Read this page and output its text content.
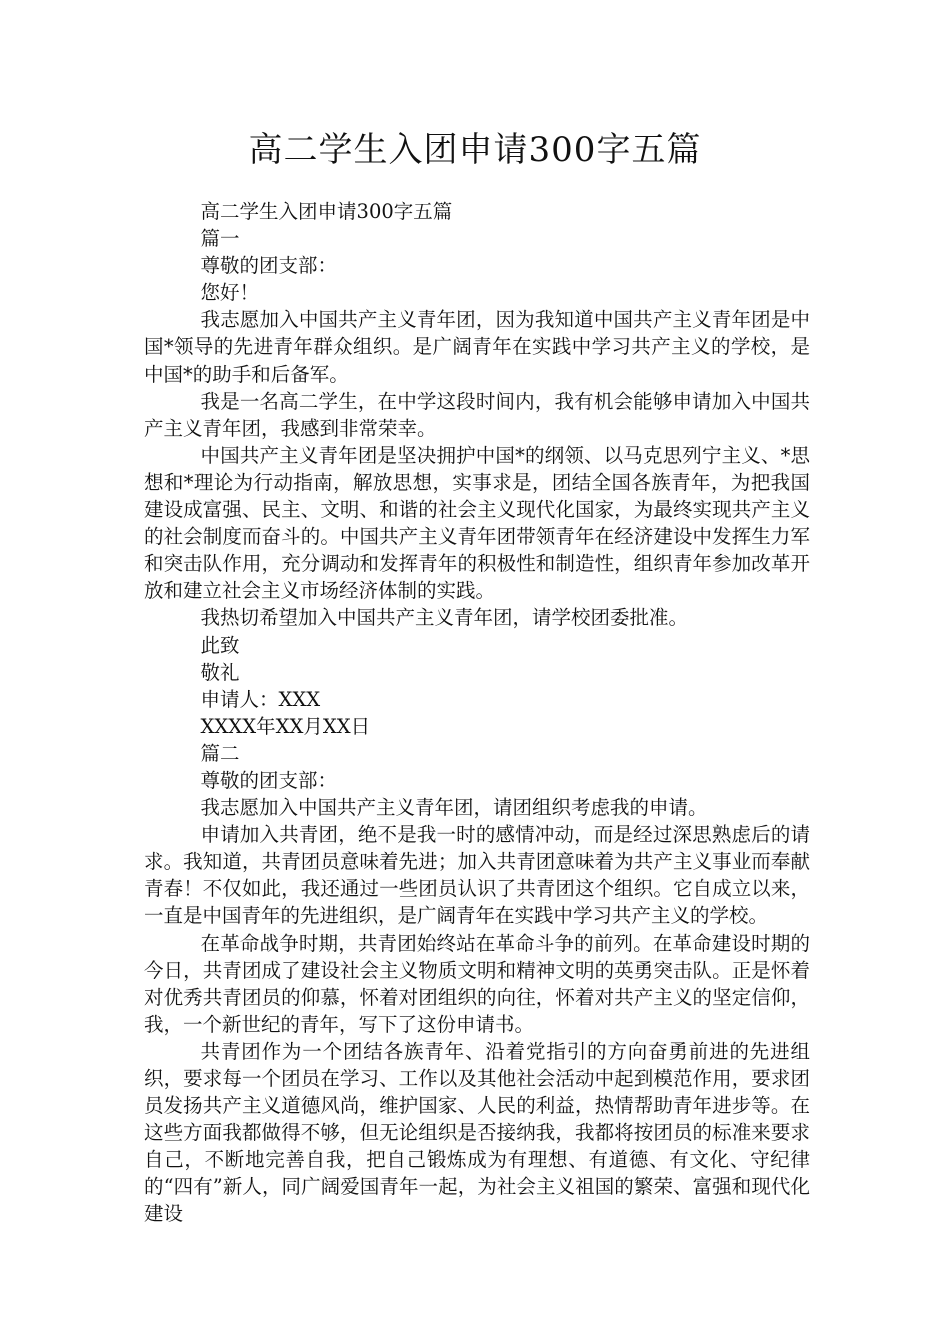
高二学生入团申请300字五篇

高二学生入团申请300字五篇

篇一

尊敬的团支部：

您好！

我志愿加入中国共产主义青年团，因为我知道中国共产主义青年团是中国*领导的先进青年群众组织。是广阔青年在实践中学习共产主义的学校，是中国*的助手和后备军。

我是一名高二学生，在中学这段时间内，我有机会能够申请加入中国共产主义青年团，我感到非常荣幸。

中国共产主义青年团是坚决拥护中国*的纲领、以马克思列宁主义、*思想和*理论为行动指南，解放思想，实事求是，团结全国各族青年，为把我国建设成富强、民主、文明、和谐的社会主义现代化国家，为最终实现共产主义的社会制度而奋斗的。中国共产主义青年团带领青年在经济建设中发挥生力军和突击队作用，充分调动和发挥青年的积极性和制造性，组织青年参加改革开放和建立社会主义市场经济体制的实践。

我热切希望加入中国共产主义青年团，请学校团委批准。

此致

敬礼

申请人：XXX

XXXX年XX月XX日

篇二

尊敬的团支部：

我志愿加入中国共产主义青年团，请团组织考虑我的申请。

申请加入共青团，绝不是我一时的感情冲动，而是经过深思熟虑后的请求。我知道，共青团员意味着先进；加入共青团意味着为共产主义事业而奉献青春！不仅如此，我还通过一些团员认识了共青团这个组织。它自成立以来，一直是中国青年的先进组织，是广阔青年在实践中学习共产主义的学校。

在革命战争时期，共青团始终站在革命斗争的前列。在革命建设时期的今日，共青团成了建设社会主义物质文明和精神文明的英勇突击队。正是怀着对优秀共青团员的仰慕，怀着对团组织的向往，怀着对共产主义的坚定信仰，我，一个新世纪的青年，写下了这份申请书。

共青团作为一个团结各族青年、沿着党指引的方向奋勇前进的先进组织，要求每一个团员在学习、工作以及其他社会活动中起到模范作用，要求团员发扬共产主义道德风尚，维护国家、人民的利益，热情帮助青年进步等。在这些方面我都做得不够，但无论组织是否接纳我，我都将按团员的标准来要求自己，不断地完善自我，把自己锻炼成为有理想、有道德、有文化、守纪律的“四有”新人，同广阔爱国青年一起，为社会主义祖国的繁荣、富强和现代化建设
